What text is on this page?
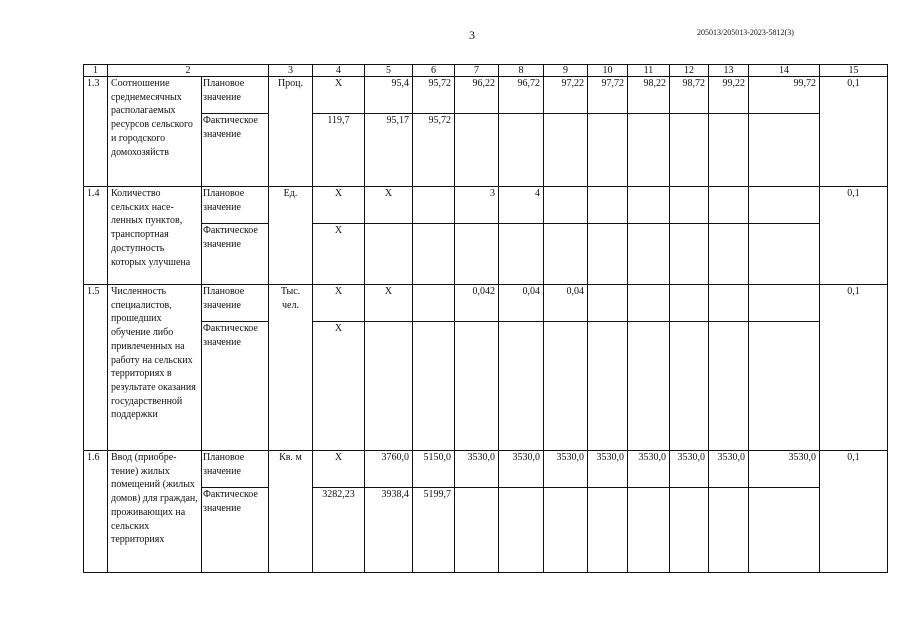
3	205013/205013-2023-5812(3)
1	2		3	4	5	6	7	8	9	10	11	12	13	14	15
1.3	Соотношение среднемесячных располагаемых ресурсов сельского и городского домохозяйств	Плановое значение	Проц.	X	95,4	95,72	96,22	96,72	97,22	97,72	98,22	98,72	99,22	99,72	0,1
		Фактическое значение		119,7	95,17	95,72									
1.4	Количество сельских насе-ленных пунктов, транспортная доступность которых улучшена	Плановое значение	Ед.	X	X		3	4							0,1
		Фактическое значение		X											
1.5	Численность специалистов, прошедших обучение либо привлеченных на работу на сельских территориях в результате оказания государственной поддержки	Плановое значение	Тыс. чел.	X	X		0,042	0,04	0,04						0,1
		Фактическое значение		X											
1.6	Ввод (приобре-тение) жилых помещений (жилых домов) для граждан, проживающих на сельских территориях	Плановое значение	Кв. м	X	3760,0	5150,0	3530,0	3530,0	3530,0	3530,0	3530,0	3530,0	3530,0	3530,0	0,1
		Фактическое значение		3282,23	3938,4	5199,7									
